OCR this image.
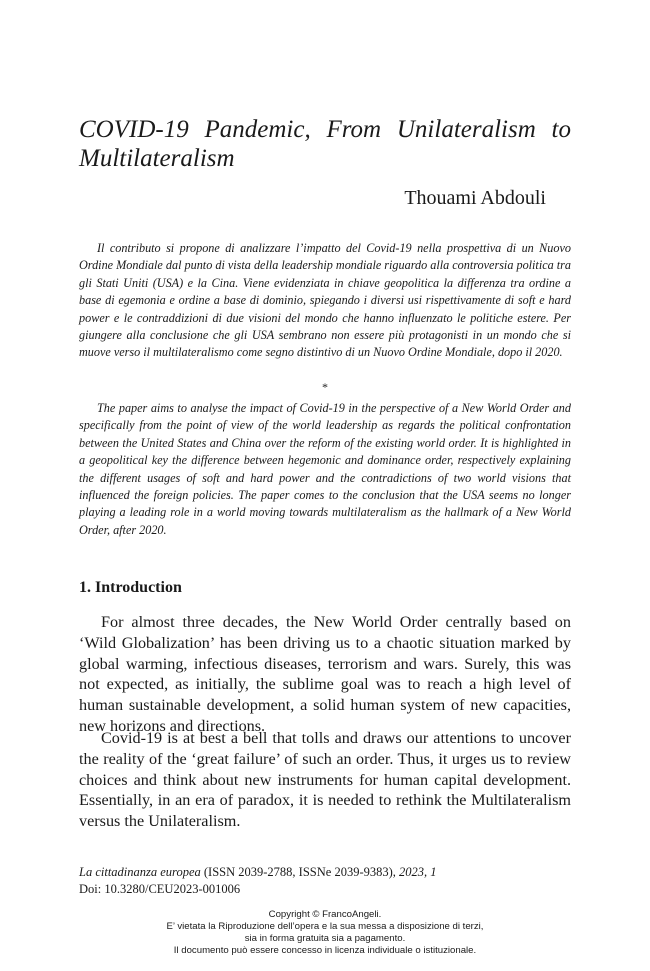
COVID-19 Pandemic, From Unilateralism to
Multilateralism

Thouami Abdouli

Il contributo si propone di analizzare l’impatto del Covid-19 nella prospettiva di un Nuovo Ordine Mondiale dal punto di vista della leadership mondiale riguardo alla controversia politica tra gli Stati Uniti (USA) e la Cina. Viene evidenziata in chiave geopolitica la differenza tra ordine a base di egemonia e ordine a base di dominio, spiegando i diversi usi rispettivamente di soft e hard power e le contraddizioni di due visioni del mondo che hanno influenzato le politiche estere. Per giungere alla conclusione che gli USA sembrano non essere più protagonisti in un mondo che si muove verso il multilateralismo come segno distintivo di un Nuovo Ordine Mondiale, dopo il 2020.

*

The paper aims to analyse the impact of Covid-19 in the perspective of a New World Order and specifically from the point of view of the world leadership as regards the political confrontation between the United States and China over the reform of the existing world order. It is highlighted in a geopolitical key the difference between hegemonic and dominance order, respectively explaining the different usages of soft and hard power and the contradictions of two world visions that influenced the foreign policies. The paper comes to the conclusion that the USA seems no longer playing a leading role in a world moving towards multilateralism as the hallmark of a New World Order, after 2020.

1. Introduction

For almost three decades, the New World Order centrally based on ‘Wild Globalization’ has been driving us to a chaotic situation marked by global warming, infectious diseases, terrorism and wars. Surely, this was not expected, as initially, the sublime goal was to reach a high level of human sustainable development, a solid human system of new capacities, new horizons and directions.

Covid-19 is at best a bell that tolls and draws our attentions to uncover the reality of the ‘great failure’ of such an order. Thus, it urges us to review choices and think about new instruments for human capital development. Essentially, in an era of paradox, it is needed to rethink the Multilateralism versus the Unilateralism.

La cittadinanza europea (ISSN 2039-2788, ISSNe 2039-9383), 2023, 1
Doi: 10.3280/CEU2023-001006
Copyright © FrancoAngeli.
E’ vietata la Riproduzione dell’opera e la sua messa a disposizione di terzi,
sia in forma gratuita sia a pagamento.
Il documento può essere concesso in licenza individuale o istituzionale.
